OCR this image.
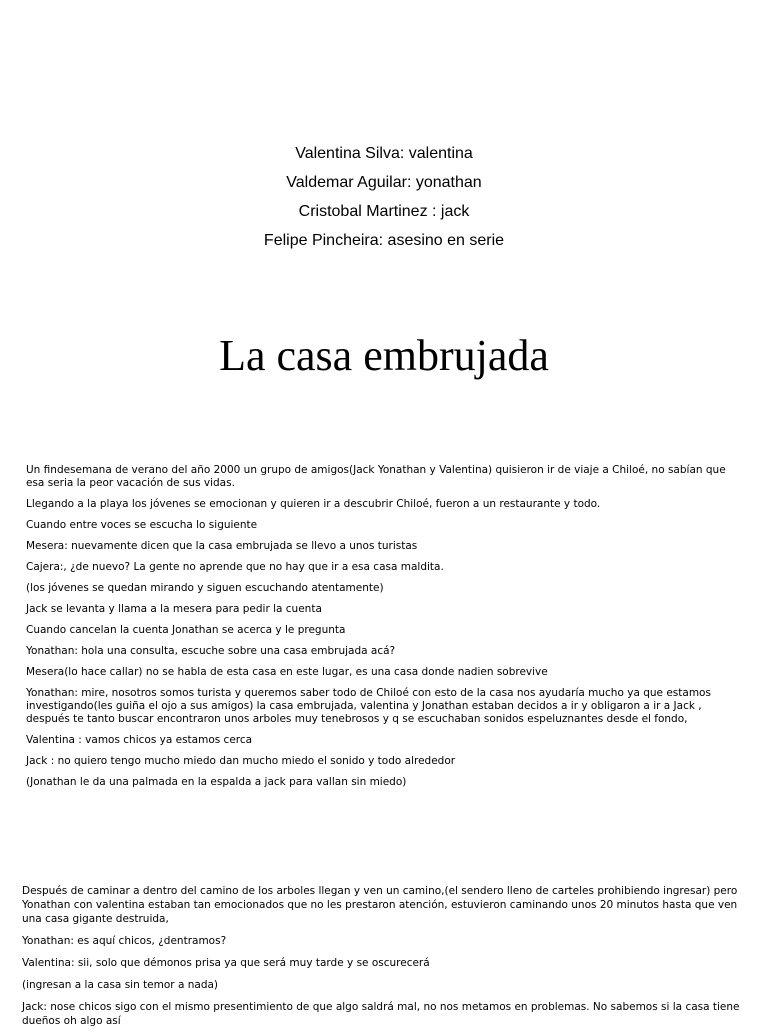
Valentina Silva: valentina
Valdemar Aguilar: yonathan
Cristobal Martinez : jack
Felipe Pincheira: asesino en serie
La casa embrujada

Un findesemana de verano del año 2000 un grupo de amigos(Jack Yonathan y Valentina) quisieron ir de viaje a Chiloé, no sabían que esa seria la peor vacación de sus vidas.

Llegando a la playa los jóvenes se emocionan y quieren ir a descubrir Chiloé, fueron a un restaurante y todo.

Cuando entre voces se escucha lo siguiente

Mesera: nuevamente dicen que la casa embrujada se llevo a unos turistas

Cajera:, ¿de nuevo? La gente no aprende que no hay que ir a esa casa maldita.

(los jóvenes se quedan mirando y siguen escuchando atentamente)

Jack se levanta y llama a la mesera para pedir la cuenta

Cuando cancelan la cuenta Jonathan se acerca y le pregunta

Yonathan: hola una consulta, escuche sobre una casa embrujada acá?

Mesera(lo hace callar) no se habla de esta casa en este lugar, es una casa donde nadien sobrevive

Yonathan: mire, nosotros somos turista y queremos saber todo de Chiloé con esto de la casa nos ayudaría mucho ya que estamos investigando(les guiña el ojo a sus amigos) la casa embrujada, valentina y Jonathan estaban decidos a ir y obligaron a ir a Jack , después te tanto buscar encontraron unos arboles muy tenebrosos y q se escuchaban sonidos espeluznantes desde el fondo,

Valentina : vamos chicos ya estamos cerca

Jack : no quiero tengo mucho miedo dan mucho miedo el sonido y todo alrededor

(Jonathan le da una palmada en la espalda a jack para vallan sin miedo)

Después de caminar a dentro del camino de los arboles llegan y ven un camino,(el sendero lleno de carteles prohibiendo ingresar) pero Yonathan con valentina estaban tan emocionados que no les prestaron atención, estuvieron caminando unos 20 minutos hasta que ven una casa gigante destruida,

Yonathan: es aquí chicos, ¿dentramos?

Valentina: sii, solo que démonos prisa ya que será muy tarde y se oscurecerá

(ingresan a la casa sin temor a nada)

Jack: nose chicos sigo con el mismo presentimiento de que algo saldrá mal, no nos metamos en problemas. No sabemos si la casa tiene dueños oh algo así
